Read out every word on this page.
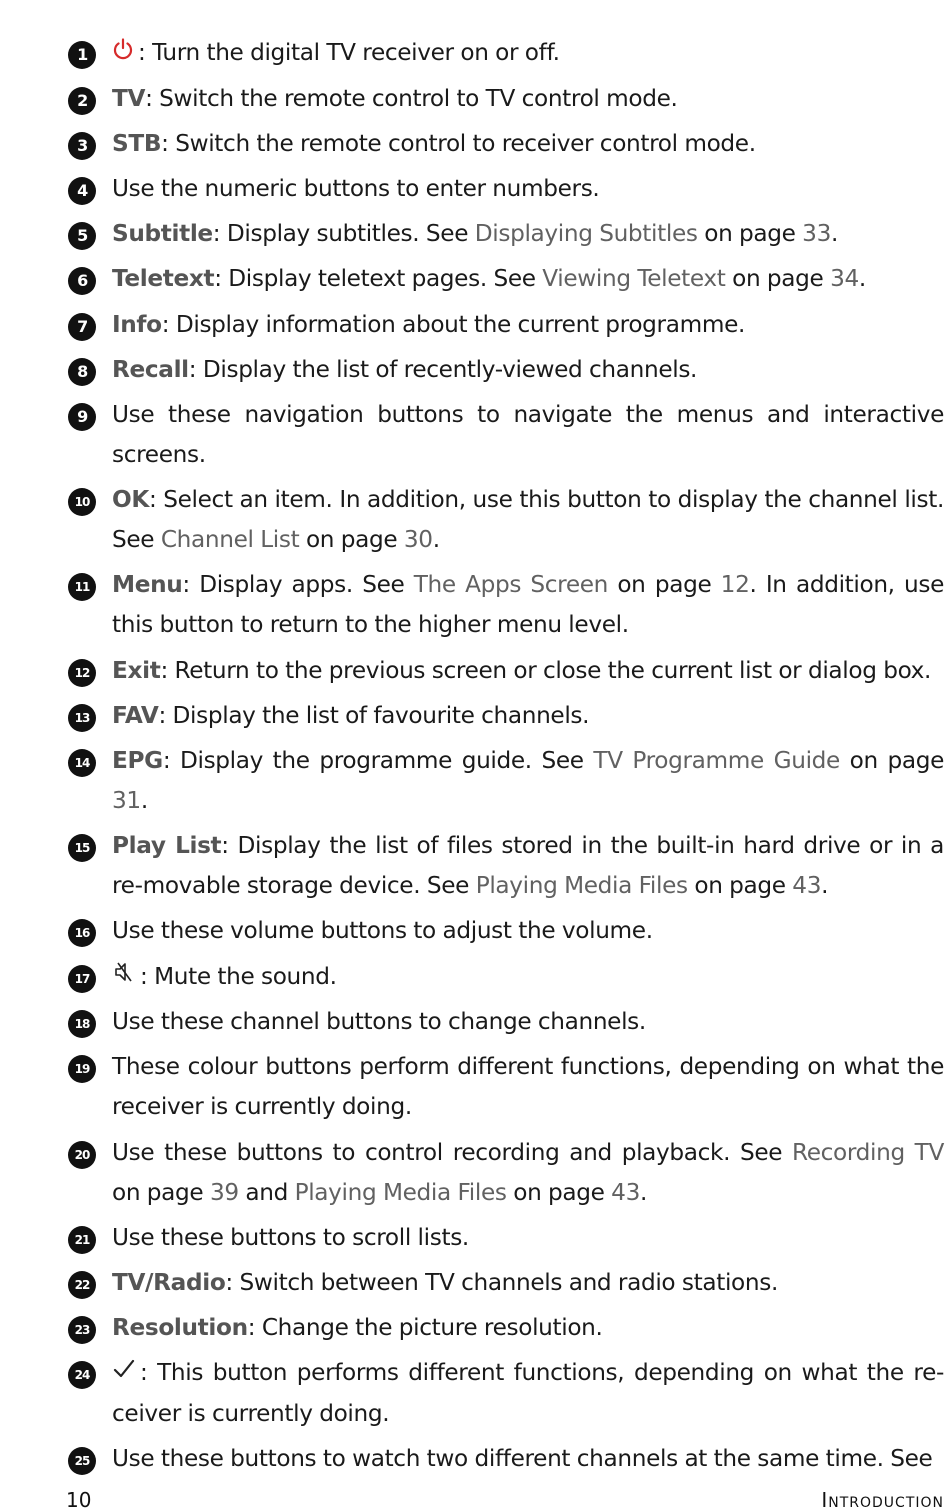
1	: Turn the digital TV receiver on or off.
2	TV: Switch the remote control to TV control mode.
3	STB: Switch the remote control to receiver control mode.
4	Use the numeric buttons to enter numbers.
5	Subtitle: Display subtitles. See Displaying Subtitles on page 33.
6	Teletext: Display teletext pages. See Viewing Teletext on page 34.
7	Info: Display information about the current programme.
8	Recall: Display the list of recently-viewed channels.
9	Use these navigation buttons to navigate the menus and interactive screens.
10 OK: Select an item. In addition, use this button to display the channel list. See Channel List on page 30.
11 Menu: Display apps. See The Apps Screen on page 12. In addition, use this button to return to the higher menu level.
12 Exit: Return to the previous screen or close the current list or dialog box.
13 FAV: Display the list of favourite channels.
14 EPG: Display the programme guide. See TV Programme Guide on page 31.
15 Play List: Display the list of files stored in the built-in hard drive or in a re-movable storage device. See Playing Media Files on page 43.
16 Use these volume buttons to adjust the volume.
17	: Mute the sound.
18 Use these channel buttons to change channels.
19 These colour buttons perform different functions, depending on what the receiver is currently doing.
20 Use these buttons to control recording and playback. See Recording TV on page 39 and Playing Media Files on page 43.
21 Use these buttons to scroll lists.
22 TV/Radio: Switch between TV channels and radio stations.
23 Resolution: Change the picture resolution.
24	: This button performs different functions, depending on what the re-ceiver is currently doing.
25 Use these buttons to watch two different channels at the same time. See
10	Introduction
